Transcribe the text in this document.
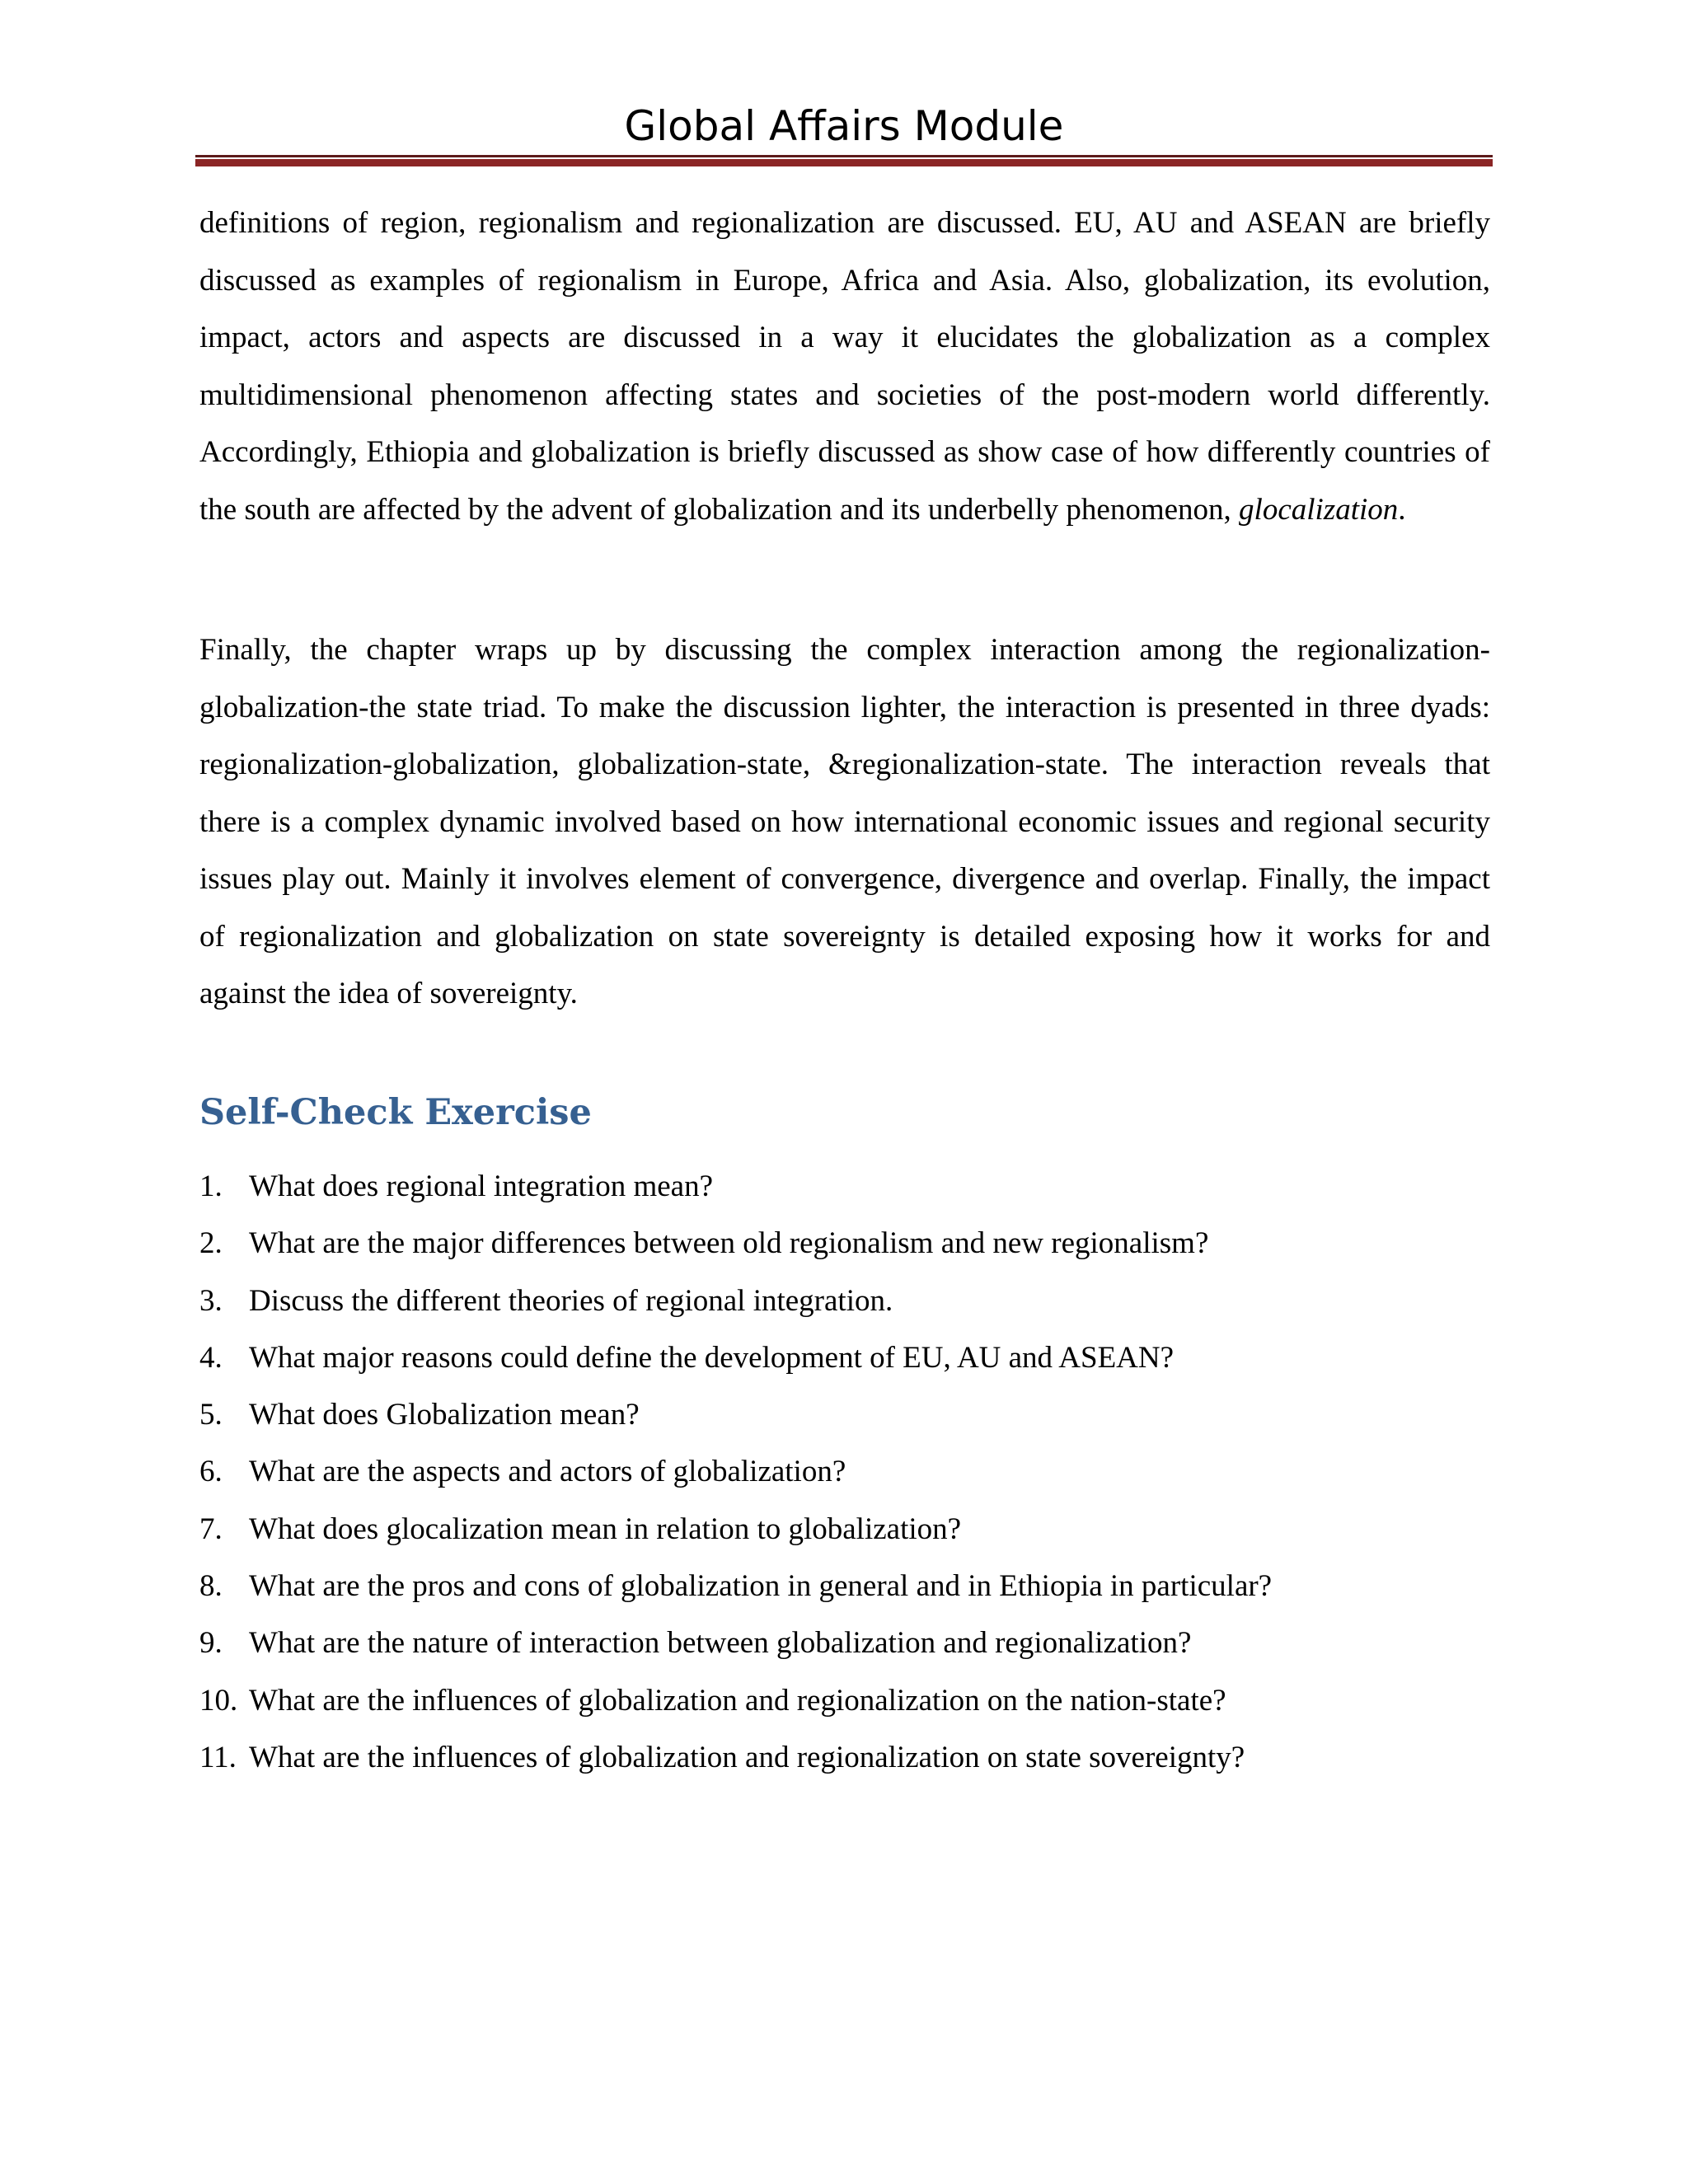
Global Affairs Module

definitions of region, regionalism and regionalization are discussed. EU, AU and ASEAN are briefly discussed as examples of regionalism in Europe, Africa and Asia. Also, globalization, its evolution, impact, actors and aspects are discussed in a way it elucidates the globalization as a complex multidimensional phenomenon affecting states and societies of the post-modern world differently. Accordingly, Ethiopia and globalization is briefly discussed as show case of how differently countries of the south are affected by the advent of globalization and its underbelly phenomenon, glocalization.

Finally, the chapter wraps up by discussing the complex interaction among the regionalization-globalization-the state triad. To make the discussion lighter, the interaction is presented in three dyads: regionalization-globalization, globalization-state, &regionalization-state. The interaction reveals that there is a complex dynamic involved based on how international economic issues and regional security issues play out. Mainly it involves element of convergence, divergence and overlap. Finally, the impact of regionalization and globalization on state sovereignty is detailed exposing how it works for and against the idea of sovereignty.

Self-Check Exercise
1. What does regional integration mean?
2. What are the major differences between old regionalism and new regionalism?
3. Discuss the different theories of regional integration.
4. What major reasons could define the development of EU, AU and ASEAN?
5. What does Globalization mean?
6. What are the aspects and actors of globalization?
7. What does glocalization mean in relation to globalization?
8. What are the pros and cons of globalization in general and in Ethiopia in particular?
9. What are the nature of interaction between globalization and regionalization?
10. What are the influences of globalization and regionalization on the nation-state?
11. What are the influences of globalization and regionalization on state sovereignty?
